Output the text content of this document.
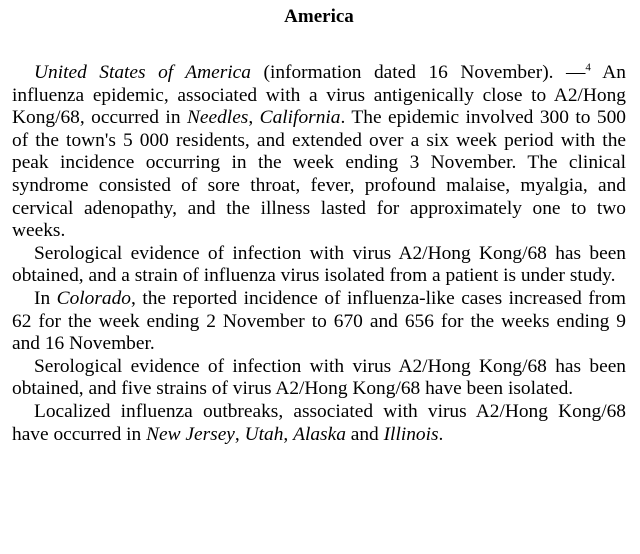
America

United States of America (information dated 16 November). —$^4$ An influenza epidemic, associated with a virus antigenically close to A2/Hong Kong/68, occurred in Needles, California. The epidemic involved 300 to 500 of the town's 5 000 residents, and extended over a six week period with the peak incidence occurring in the week ending 3 November. The clinical syndrome consisted of sore throat, fever, profound malaise, myalgia, and cervical adenopathy, and the illness lasted for approximately one to two weeks.

Serological evidence of infection with virus A2/Hong Kong/68 has been obtained, and a strain of influenza virus isolated from a patient is under study.

In Colorado, the reported incidence of influenza-like cases increased from 62 for the week ending 2 November to 670 and 656 for the weeks ending 9 and 16 November.

Serological evidence of infection with virus A2/Hong Kong/68 has been obtained, and five strains of virus A2/Hong Kong/68 have been isolated.

Localized influenza outbreaks, associated with virus A2/Hong Kong/68 have occurred in New Jersey, Utah, Alaska and Illinois.
